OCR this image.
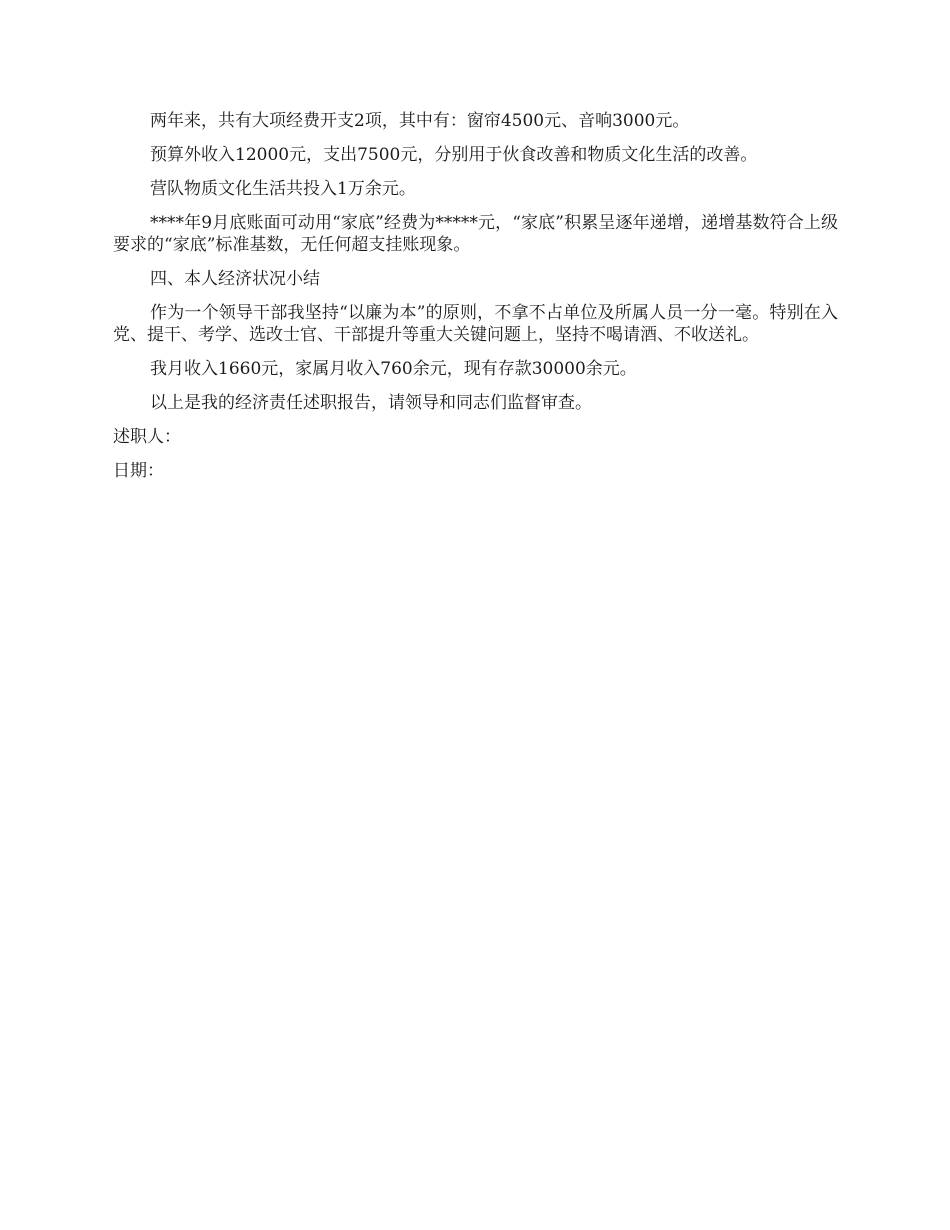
两年来，共有大项经费开支2项，其中有：窗帘4500元、音响3000元。

预算外收入12000元，支出7500元，分别用于伙食改善和物质文化生活的改善。

营队物质文化生活共投入1万余元。

****年9月底账面可动用“家底”经费为*****元，“家底”积累呈逐年递增，递增基数符合上级要求的“家底”标准基数，无任何超支挂账现象。

四、本人经济状况小结

作为一个领导干部我坚持“以廉为本”的原则，不拿不占单位及所属人员一分一毫。特别在入党、提干、考学、选改士官、干部提升等重大关键问题上，坚持不喝请酒、不收送礼。

我月收入1660元，家属月收入760余元，现有存款30000余元。

以上是我的经济责任述职报告，请领导和同志们监督审查。

述职人：

日期：
